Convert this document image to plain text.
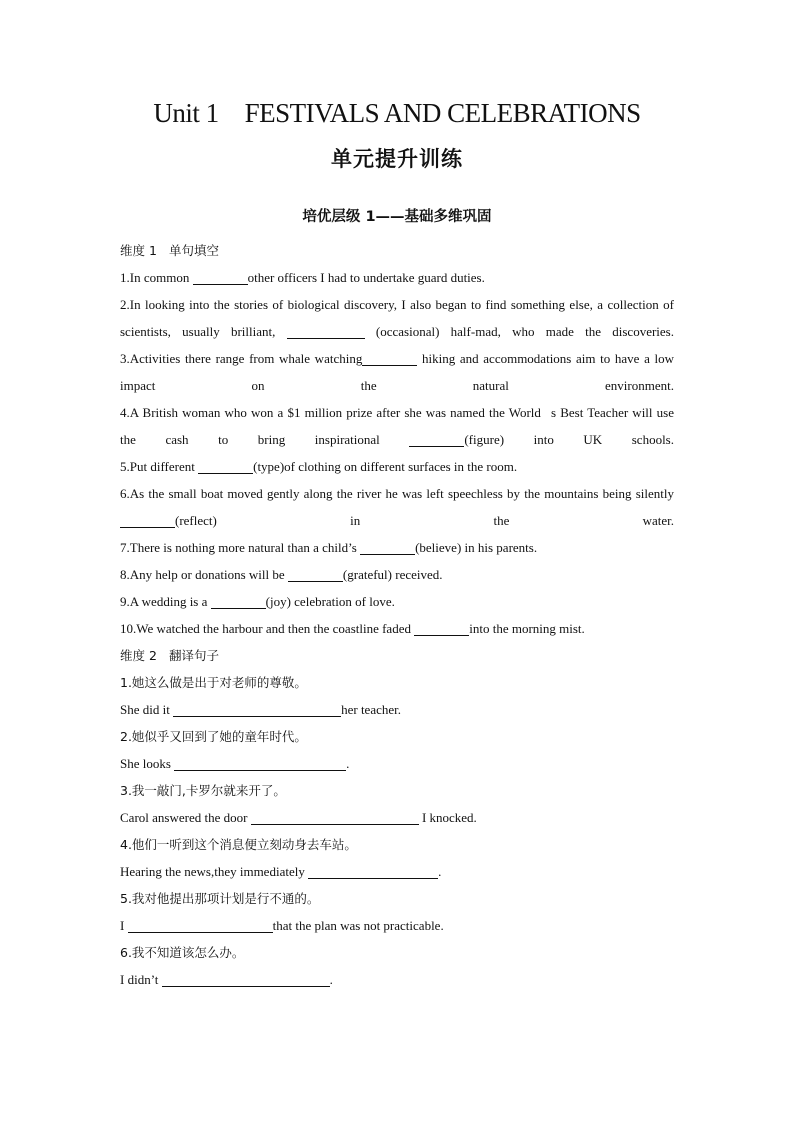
Unit 1 FESTIVALS AND CELEBRATIONS
单元提升训练
培优层级 1——基础多维巩固
维度 1 单句填空
1.In common	other officers I had to undertake guard duties.
2.In looking into the stories of biological discovery, I also began to find something else, a collection of scientists, usually brilliant,	(occasional) half-mad, who made the discoveries.
3.Activities there range from whale watching	hiking and accommodations aim to have a low impact on the natural environment.
4.A British woman who won a $1 million prize after she was named the World s Best Teacher will use the cash to bring inspirational	(figure) into UK schools.
5.Put different	(type)of clothing on different surfaces in the room.
6.As the small boat moved gently along the river he was left speechless by the mountains being silently (reflect) in the water.
7.There is nothing more natural than a child’s	(believe) in his parents.
8.Any help or donations will be	(grateful) received.
9.A wedding is a	(joy) celebration of love.
10.We watched the harbour and then the coastline faded	into the morning mist.
维度 2 翻译句子
1.她这么做是出于对老师的尊敬。
She did it	her teacher.
2.她似乎又回到了她的童年时代。
She looks	.
3.我一敲门,卡罗尔就来开了。
Carol answered the door	I knocked.
4.他们一听到这个消息便立刻动身去车站。
Hearing the news,they immediately	.
5.我对他提出那项计划是行不通的。
I	that the plan was not practicable.
6.我不知道该怎么办。
I didn’t	.
